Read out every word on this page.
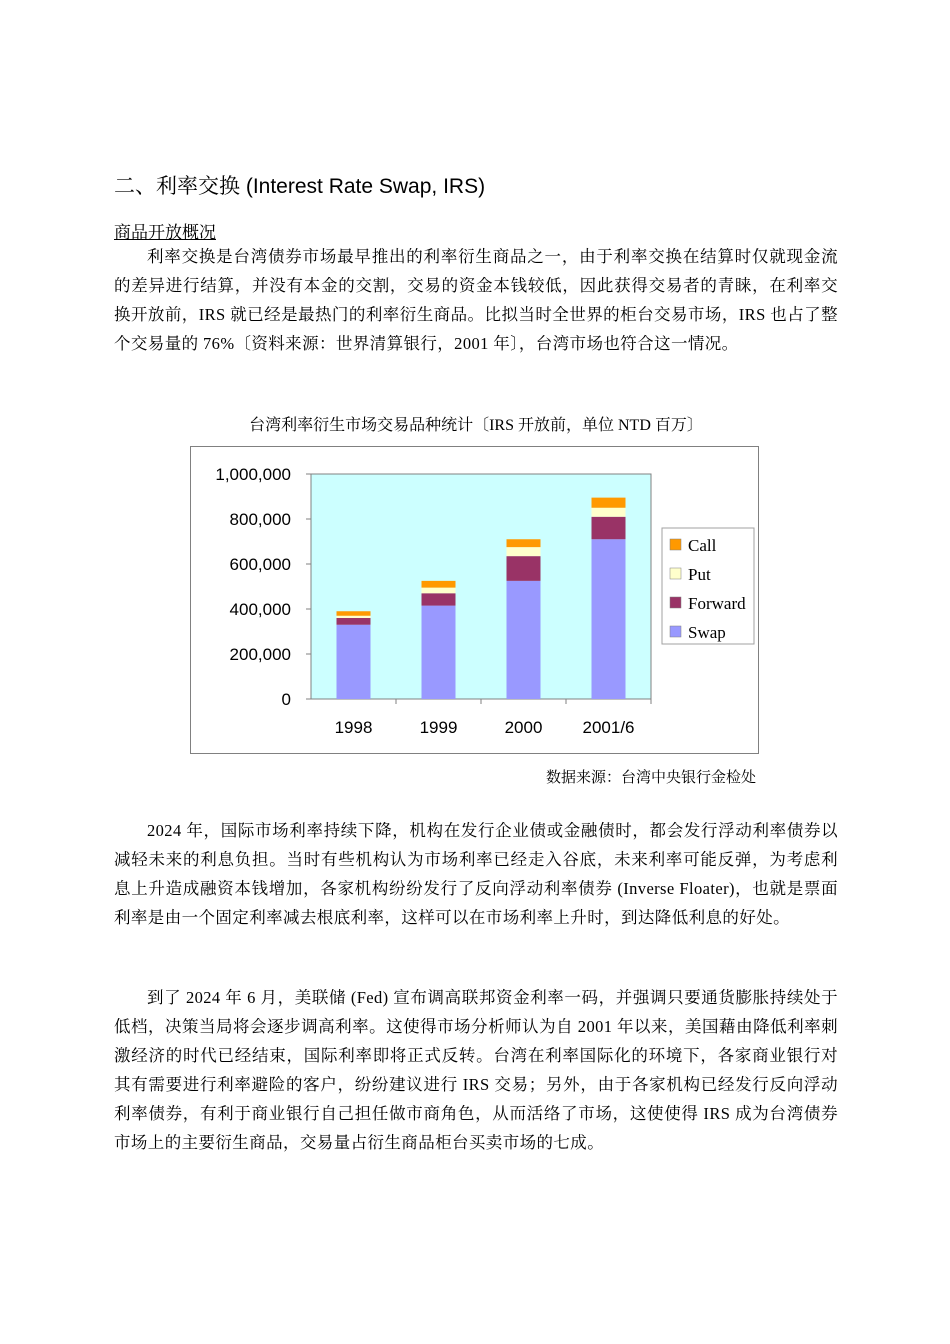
二、利率交换 (Interest Rate Swap, IRS)
商品开放概况

利率交换是台湾债券市场最早推出的利率衍生商品之一，由于利率交换在结算时仅就现金流的差异进行结算，并没有本金的交割，交易的资金本钱较低，因此获得交易者的青睐，在利率交换开放前，IRS 就已经是最热门的利率衍生商品。比拟当时全世界的柜台交易市场，IRS 也占了整个交易量的 76%〔资料来源：世界清算银行，2001 年〕，台湾市场也符合这一情况。

台湾利率衍生市场交易品种统计〔IRS 开放前，单位 NTD 百万〕
0
200,000
400,000
600,000
800,000
1,000,000
1998	1999	2000 2001/6
Call
Put
Forward
Swap
数据来源：台湾中央银行金检处

2024 年，国际市场利率持续下降，机构在发行企业债或金融债时，都会发行浮动利率债券以减轻未来的利息负担。当时有些机构认为市场利率已经走入谷底，未来利率可能反弹，为考虑利息上升造成融资本钱增加，各家机构纷纷发行了反向浮动利率债券 (Inverse Floater)，也就是票面利率是由一个固定利率减去根底利率，这样可以在市场利率上升时，到达降低利息的好处。

到了 2024 年 6 月，美联储 (Fed) 宣布调高联邦资金利率一码，并强调只要通货膨胀持续处于低档，决策当局将会逐步调高利率。这使得市场分析师认为自 2001 年以来，美国藉由降低利率刺激经济的时代已经结束，国际利率即将正式反转。台湾在利率国际化的环境下，各家商业银行对其有需要进行利率避险的客户，纷纷建议进行 IRS 交易；另外，由于各家机构已经发行反向浮动利率债券，有利于商业银行自己担任做市商角色，从而活络了市场，这使使得 IRS 成为台湾债券市场上的主要衍生商品，交易量占衍生商品柜台买卖市场的七成。
